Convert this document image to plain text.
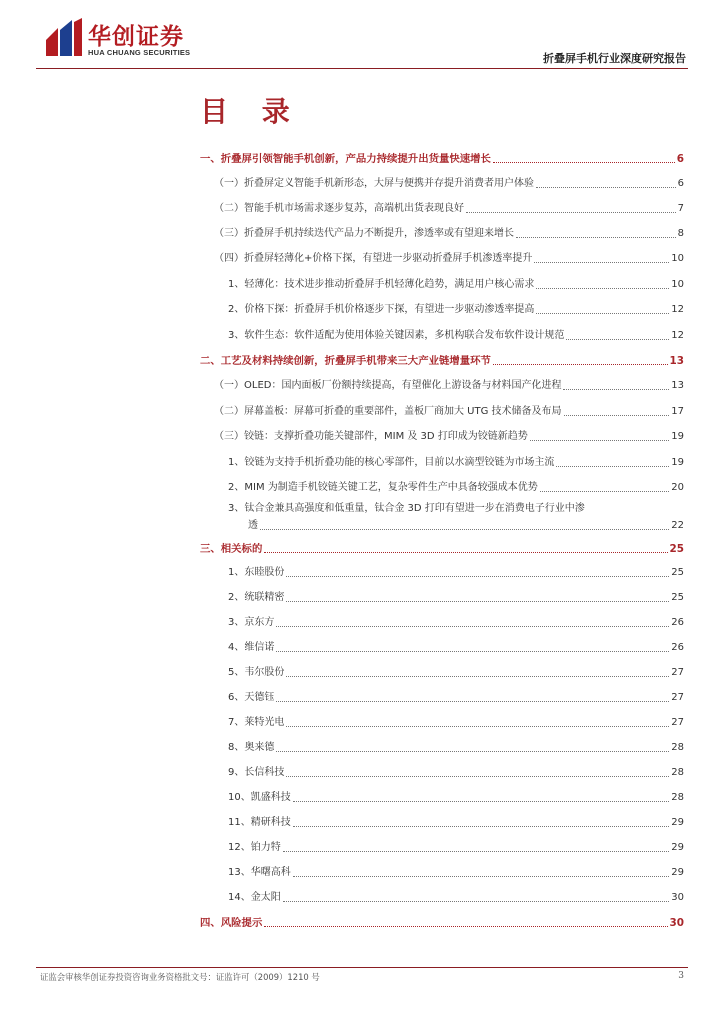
华创证券
HUA CHUANG SECURITIES	折叠屏手机行业深度研究报告
目 录
一、折叠屏引领智能手机创新，产品力持续提升出货量快速增长	6
（一）折叠屏定义智能手机新形态，大屏与便携并存提升消费者用户体验	6
（二）智能手机市场需求逐步复苏，高端机出货表现良好	7
（三）折叠屏手机持续迭代产品力不断提升，渗透率或有望迎来增长	8
（四）折叠屏轻薄化+价格下探，有望进一步驱动折叠屏手机渗透率提升	10
1、轻薄化：技术进步推动折叠屏手机轻薄化趋势，满足用户核心需求	10
2、价格下探：折叠屏手机价格逐步下探，有望进一步驱动渗透率提高	12
3、软件生态：软件适配为使用体验关键因素，多机构联合发布软件设计规范	12
二、工艺及材料持续创新，折叠屏手机带来三大产业链增量环节	13
（一）OLED：国内面板厂份额持续提高，有望催化上游设备与材料国产化进程	13
（二）屏幕盖板：屏幕可折叠的重要部件，盖板厂商加大 UTG 技术储备及布局	17
（三）铰链：支撑折叠功能关键部件，MIM 及 3D 打印成为铰链新趋势	19
1、铰链为支持手机折叠功能的核心零部件，目前以水滴型铰链为市场主流	19
2、MIM 为制造手机铰链关键工艺，复杂零件生产中具备较强成本优势	20
3、钛合金兼具高强度和低重量，钛合金 3D 打印有望进一步在消费电子行业中渗
透	22
三、相关标的	25
1、东睦股份	25
2、统联精密	25
3、京东方	26
4、维信诺	26
5、韦尔股份	27
6、天德钰	27
7、莱特光电	27
8、奥来德	28
9、长信科技	28
10、凯盛科技	28
11、精研科技	29
12、铂力特	29
13、华曙高科	29
14、金太阳	30
四、风险提示	30
证监会审核华创证券投资咨询业务资格批文号：证监许可（2009）1210 号	3
